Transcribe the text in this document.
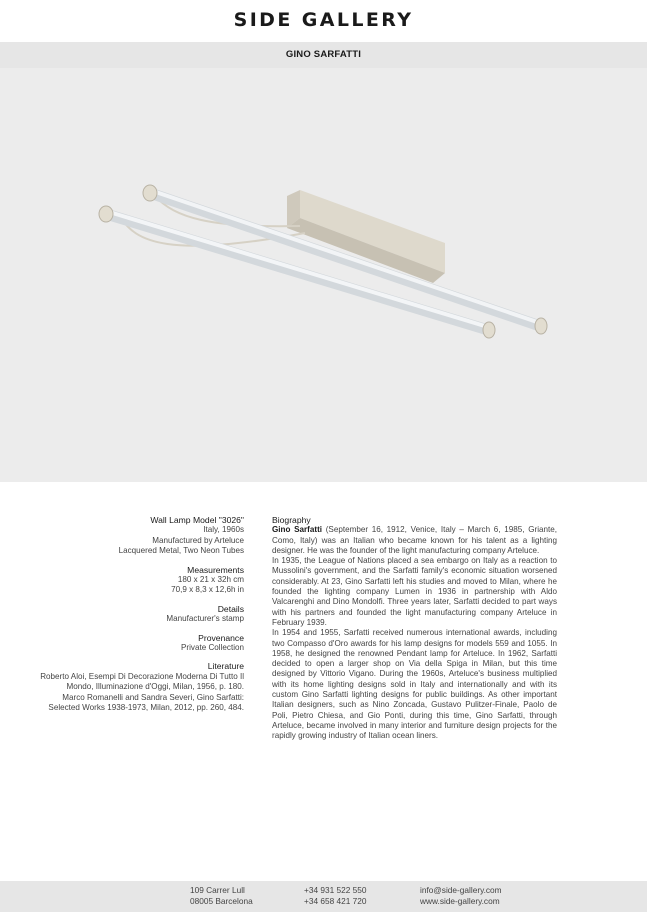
SIDE GALLERY
GINO SARFATTI
Wall Lamp Model "3026"
Italy, 1960s
Manufactured by Arteluce
Lacquered Metal, Two Neon Tubes
Measurements
180 x 21 x 32h cm
70,9 x 8,3 x 12,6h in
Details
Manufacturer's stamp
Provenance
Private Collection
Literature
Roberto Aloi, Esempi Di Decorazione Moderna Di Tutto Il
Mondo, Illuminazione d'Oggi, Milan, 1956, p. 180.
Marco Romanelli and Sandra Severi, Gino Sarfatti:
Selected Works 1938-1973, Milan, 2012, pp. 260, 484.
Biography

Gino Sarfatti (September 16, 1912, Venice, Italy – March 6, 1985, Griante, Como, Italy) was an Italian who became known for his talent as a lighting designer. He was the founder of the light manufacturing company Arteluce.

In 1935, the League of Nations placed a sea embargo on Italy as a reaction to Mussolini's government, and the Sarfatti family's economic situation worsened considerably. At 23, Gino Sarfatti left his studies and moved to Milan, where he founded the lighting company Lumen in 1936 in partnership with Aldo Valcarenghi and Dino Mondolfi. Three years later, Sarfatti decided to part ways with his partners and founded the light manufacturing company Arteluce in February 1939.

In 1954 and 1955, Sarfatti received numerous international awards, including two Compasso d'Oro awards for his lamp designs for models 559 and 1055. In 1958, he designed the renowned Pendant lamp for Arteluce. In 1962, Sarfatti decided to open a larger shop on Via della Spiga in Milan, but this time designed by Vittorio Vigano. During the 1960s, Arteluce's business multiplied with its home lighting designs sold in Italy and internationally and with its custom Gino Sarfatti lighting designs for public buildings. As other important Italian designers, such as Nino Zoncada, Gustavo Pulitzer-Finale, Paolo de Poli, Pietro Chiesa, and Gio Ponti, during this time, Gino Sarfatti, through Arteluce, became involved in many interior and furniture design projects for the rapidly growing industry of Italian ocean liners.

109 Carrer Lull
08005 Barcelona
+34 931 522 550
+34 658 421 720
info@side-gallery.com
www.side-gallery.com
